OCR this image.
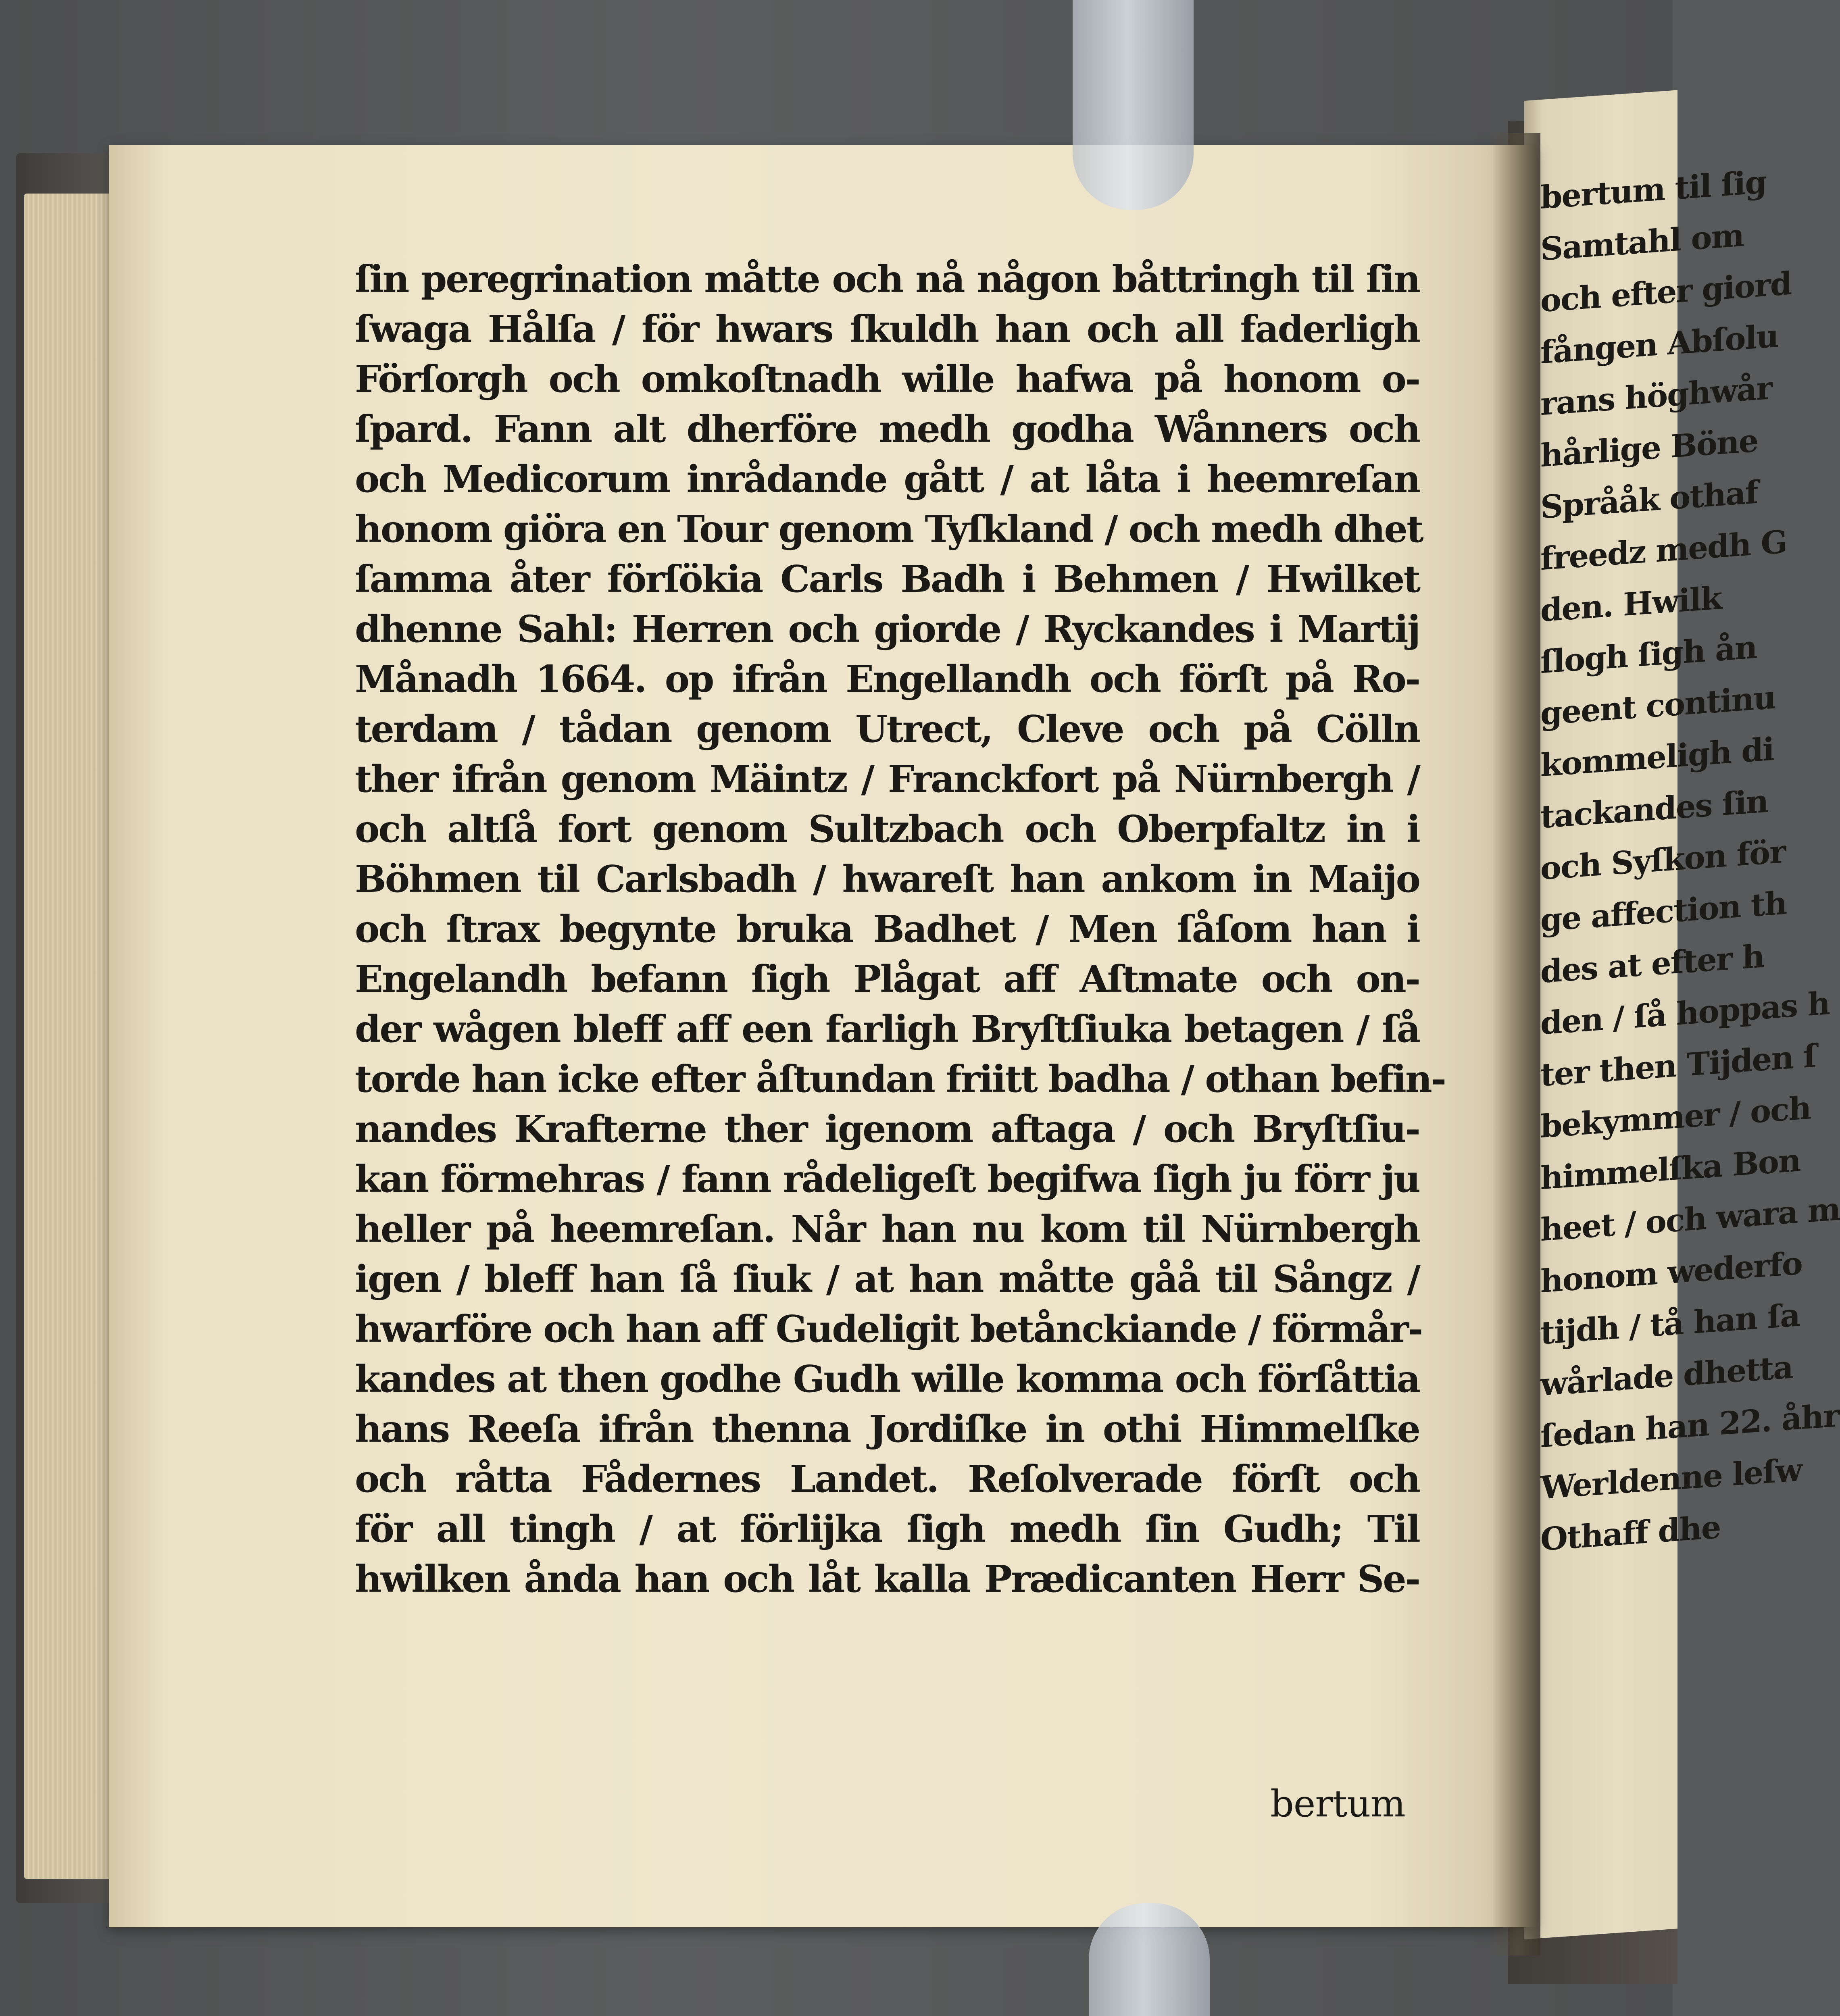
bertum til ſig
Samtahl om
och efter giord
fången Abſolu
rans höghwår
hårlige Böne
Språåk othaf
freedz medh G
den. Hwilk
ſlogh ſigh ån
geent continu
kommeligh di
tackandes ſin
och Syſkon för
ge affection th
des at efter h
den / ſå hoppas h
ter then Tijden ſ
bekymmer / och
himmelſka Bon
heet / och wara m
honom wederfo
tijdh / tå han ſa
wårlade dhetta
ſedan han 22. åhr
Werldenne leſw
Othaff dhe
ſin peregrination måtte och nå någon båttringh til ſin
ſwaga Hålſa / för hwars ſkuldh han och all faderligh
Förſorgh och omkoſtnadh wille hafwa på honom o-
ſpard. Fann alt dherföre medh godha Wånners och
och Medicorum inrådande gått / at låta i heemreſan
honom giöra en Tour genom Tyſkland / och medh dhet
ſamma åter förſökia Carls Badh i Behmen / Hwilket
dhenne Sahl: Herren och giorde / Ryckandes i Martij
Månadh 1664. op ifrån Engellandh och förſt på Ro-
terdam / tådan genom Utrect, Cleve och på Cölln
ther ifrån genom Mäintz / Franckfort på Nürnbergh /
och altſå fort genom Sultzbach och Oberpfaltz in i
Böhmen til Carlsbadh / hwareſt han ankom in Maijo
och ſtrax begynte bruka Badhet / Men ſåſom han i
Engelandh befann ſigh Plågat aff Aſtmate och on-
der wågen bleff aff een farligh Bryſtſiuka betagen / ſå
torde han icke efter åſtundan friitt badha / othan befin-
nandes Krafterne ther igenom aftaga / och Bryſtſiu-
kan förmehras / fann rådeligeſt begifwa ſigh ju förr ju
heller på heemreſan. Når han nu kom til Nürnbergh
igen / bleff han ſå ſiuk / at han måtte gåå til Sångz /
hwarföre och han aff Gudeligit betånckiande / förmår-
kandes at then godhe Gudh wille komma och förſåttia
hans Reeſa ifrån thenna Jordiſke in othi Himmelſke
och råtta Fådernes Landet. Reſolverade förſt och
för all tingh / at förlijka ſigh medh ſin Gudh; Til
hwilken ånda han och låt kalla Prædicanten Herr Se-
bertum
